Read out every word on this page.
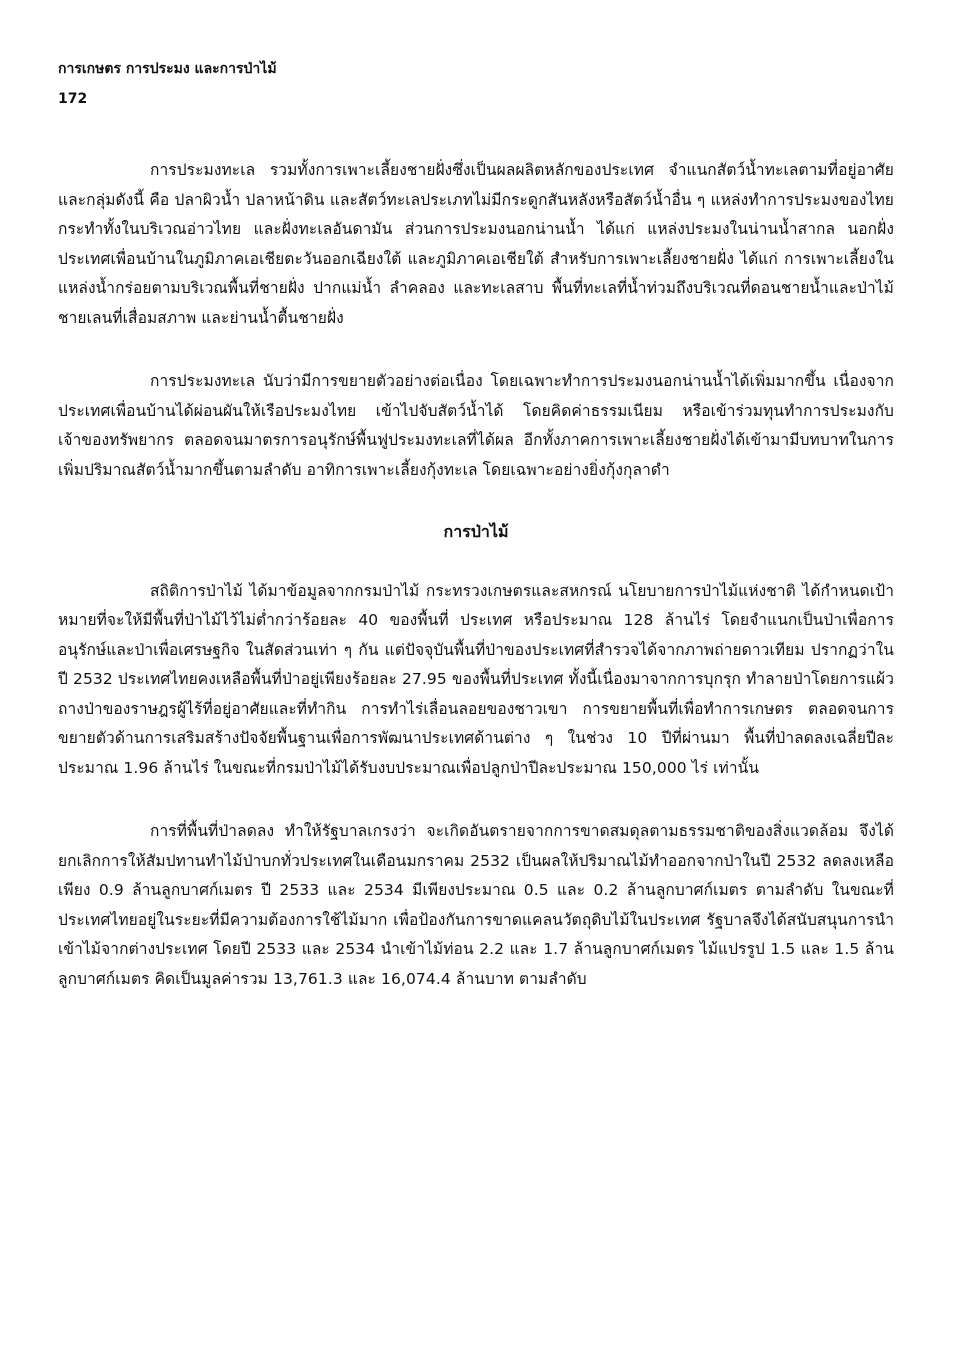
การเกษตร การประมง และการป่าไม้
172

การประมงทะเล รวมทั้งการเพาะเลี้ยงชายฝั่งซึ่งเป็นผลผลิตหลักของประเทศ จำแนกสัตว์น้ำทะเลตามที่อยู่อาศัย และกลุ่มดังนี้ คือ ปลาผิวน้ำ ปลาหน้าดิน และสัตว์ทะเลประเภทไม่มีกระดูกสันหลังหรือสัตว์น้ำอื่น ๆ แหล่งทำการประมงของไทยกระทำทั้งในบริเวณอ่าวไทย และฝั่งทะเลอันดามัน ส่วนการประมงนอกน่านน้ำ ได้แก่ แหล่งประมงในน่านน้ำสากล นอกฝั่งประเทศเพื่อนบ้านในภูมิภาคเอเชียตะวันออกเฉียงใต้ และภูมิภาคเอเชียใต้ สำหรับการเพาะเลี้ยงชายฝั่ง ได้แก่ การเพาะเลี้ยงในแหล่งน้ำกร่อยตามบริเวณพื้นที่ชายฝั่ง ปากแม่น้ำ ลำคลอง และทะเลสาบ พื้นที่ทะเลที่น้ำท่วมถึงบริเวณที่ดอนชายน้ำและป่าไม้ชายเลนที่เสื่อมสภาพ และย่านน้ำตื้นชายฝั่ง

การประมงทะเล นับว่ามีการขยายตัวอย่างต่อเนื่อง โดยเฉพาะทำการประมงนอกน่านน้ำได้เพิ่มมากขึ้น เนื่องจากประเทศเพื่อนบ้านได้ผ่อนผันให้เรือประมงไทย เข้าไปจับสัตว์น้ำได้ โดยคิดค่าธรรมเนียม หรือเข้าร่วมทุนทำการประมงกับเจ้าของทรัพยากร ตลอดจนมาตรการอนุรักษ์พื้นฟูประมงทะเลที่ได้ผล อีกทั้งภาคการเพาะเลี้ยงชายฝั่งได้เข้ามามีบทบาทในการเพิ่มปริมาณสัตว์น้ำมากขึ้นตามลำดับ อาทิการเพาะเลี้ยงกุ้งทะเล โดยเฉพาะอย่างยิ่งกุ้งกุลาดำ

การป่าไม้

สถิติการป่าไม้ ได้มาข้อมูลจากกรมป่าไม้ กระทรวงเกษตรและสหกรณ์ นโยบายการป่าไม้แห่งชาติ ได้กำหนดเป้าหมายที่จะให้มีพื้นที่ป่าไม้ไว้ไม่ต่ำกว่าร้อยละ 40 ของพื้นที่ ประเทศ หรือประมาณ 128 ล้านไร่ โดยจำแนกเป็นป่าเพื่อการอนุรักษ์และป่าเพื่อเศรษฐกิจ ในสัดส่วนเท่า ๆ กัน แต่ปัจจุบันพื้นที่ป่าของประเทศที่สำรวจได้จากภาพถ่ายดาวเทียม ปรากฏว่าในปี 2532 ประเทศไทยคงเหลือพื้นที่ป่าอยู่เพียงร้อยละ 27.95 ของพื้นที่ประเทศ ทั้งนี้เนื่องมาจากการบุกรุก ทำลายป่าโดยการแผ้วถางป่าของราษฎรผู้ไร้ที่อยู่อาศัยและที่ทำกิน การทำไร่เลื่อนลอยของชาวเขา การขยายพื้นที่เพื่อทำการเกษตร ตลอดจนการขยายตัวด้านการเสริมสร้างปัจจัยพื้นฐานเพื่อการพัฒนาประเทศด้านต่าง ๆ ในช่วง 10 ปีที่ผ่านมา พื้นที่ป่าลดลงเฉลี่ยปีละประมาณ 1.96 ล้านไร่ ในขณะที่กรมป่าไม้ได้รับงบประมาณเพื่อปลูกป่าปีละประมาณ 150,000 ไร่ เท่านั้น

การที่พื้นที่ป่าลดลง ทำให้รัฐบาลเกรงว่า จะเกิดอันตรายจากการขาดสมดุลตามธรรมชาติของสิ่งแวดล้อม จึงได้ยกเลิกการให้สัมปทานทำไม้ป่าบกทั่วประเทศในเดือนมกราคม 2532 เป็นผลให้ปริมาณไม้ทำออกจากป่าในปี 2532 ลดลงเหลือเพียง 0.9 ล้านลูกบาศก์เมตร ปี 2533 และ 2534 มีเพียงประมาณ 0.5 และ 0.2 ล้านลูกบาศก์เมตร ตามลำดับ ในขณะที่ประเทศไทยอยู่ในระยะที่มีความต้องการใช้ไม้มาก เพื่อป้องกันการขาดแคลนวัตถุดิบไม้ในประเทศ รัฐบาลจึงได้สนับสนุนการนำเข้าไม้จากต่างประเทศ โดยปี 2533 และ 2534 นำเข้าไม้ท่อน 2.2 และ 1.7 ล้านลูกบาศก์เมตร ไม้แปรรูป 1.5 และ 1.5 ล้านลูกบาศก์เมตร คิดเป็นมูลค่ารวม 13,761.3 และ 16,074.4 ล้านบาท ตามลำดับ
